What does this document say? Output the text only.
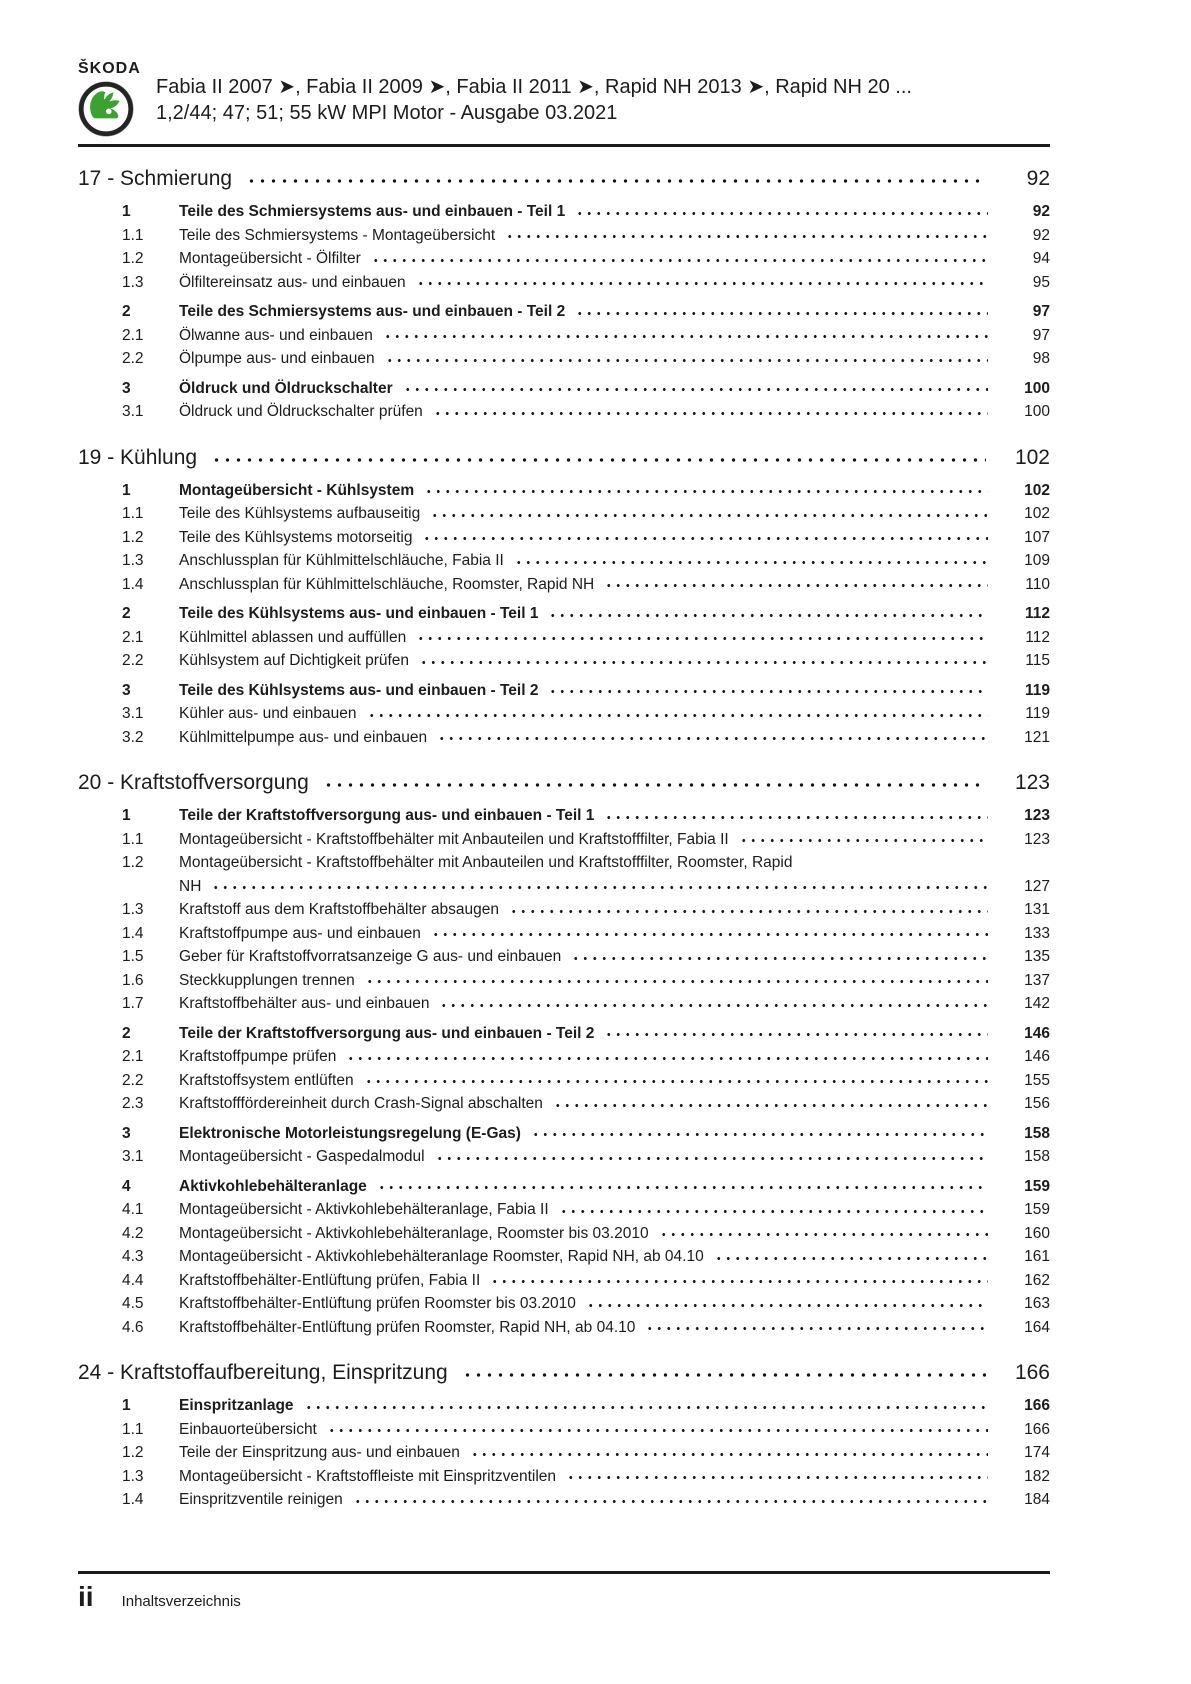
ŠKODA
Fabia II 2007 ➤, Fabia II 2009 ➤, Fabia II 2011 ➤, Rapid NH 2013 ➤, Rapid NH 20 ...
1,2/44; 47; 51; 55 kW MPI Motor - Ausgabe 03.2021
17 - Schmierung	92
1	Teile des Schmiersystems aus- und einbauen - Teil 1	92
1.1	Teile des Schmiersystems - Montageübersicht	92
1.2	Montageübersicht - Ölfilter	94
1.3	Ölfiltereinsatz aus- und einbauen	95
2	Teile des Schmiersystems aus- und einbauen - Teil 2	97
2.1	Ölwanne aus- und einbauen	97
2.2	Ölpumpe aus- und einbauen	98
3	Öldruck und Öldruckschalter	100
3.1	Öldruck und Öldruckschalter prüfen	100
19 - Kühlung	102
1	Montageübersicht - Kühlsystem	102
1.1	Teile des Kühlsystems aufbauseitig	102
1.2	Teile des Kühlsystems motorseitig	107
1.3	Anschlussplan für Kühlmittelschläuche, Fabia II	109
1.4	Anschlussplan für Kühlmittelschläuche, Roomster, Rapid NH	110
2	Teile des Kühlsystems aus- und einbauen - Teil 1	112
2.1	Kühlmittel ablassen und auffüllen	112
2.2	Kühlsystem auf Dichtigkeit prüfen	115
3	Teile des Kühlsystems aus- und einbauen - Teil 2	119
3.1	Kühler aus- und einbauen	119
3.2	Kühlmittelpumpe aus- und einbauen	121
20 - Kraftstoffversorgung	123
1	Teile der Kraftstoffversorgung aus- und einbauen - Teil 1	123
1.1	Montageübersicht - Kraftstoffbehälter mit Anbauteilen und Kraftstofffilter, Fabia II	123
1.2	Montageübersicht - Kraftstoffbehälter mit Anbauteilen und Kraftstofffilter, Roomster, Rapid
NH	127
1.3	Kraftstoff aus dem Kraftstoffbehälter absaugen	131
1.4	Kraftstoffpumpe aus- und einbauen	133
1.5	Geber für Kraftstoffvorratsanzeige G aus- und einbauen	135
1.6	Steckkupplungen trennen	137
1.7	Kraftstoffbehälter aus- und einbauen	142
2	Teile der Kraftstoffversorgung aus- und einbauen - Teil 2	146
2.1	Kraftstoffpumpe prüfen	146
2.2	Kraftstoffsystem entlüften	155
2.3	Kraftstofffördereinheit durch Crash-Signal abschalten	156
3	Elektronische Motorleistungsregelung (E-Gas)	158
3.1	Montageübersicht - Gaspedalmodul	158
4	Aktivkohlebehälteranlage	159
4.1	Montageübersicht - Aktivkohlebehälteranlage, Fabia II	159
4.2	Montageübersicht - Aktivkohlebehälteranlage, Roomster bis 03.2010	160
4.3	Montageübersicht - Aktivkohlebehälteranlage Roomster, Rapid NH, ab 04.10	161
4.4	Kraftstoffbehälter-Entlüftung prüfen, Fabia II	162
4.5	Kraftstoffbehälter-Entlüftung prüfen Roomster bis 03.2010	163
4.6	Kraftstoffbehälter-Entlüftung prüfen Roomster, Rapid NH, ab 04.10	164
24 - Kraftstoffaufbereitung, Einspritzung	166
1	Einspritzanlage	166
1.1	Einbauorteübersicht	166
1.2	Teile der Einspritzung aus- und einbauen	174
1.3	Montageübersicht - Kraftstoffleiste mit Einspritzventilen	182
1.4	Einspritzventile reinigen	184
ii Inhaltsverzeichnis
